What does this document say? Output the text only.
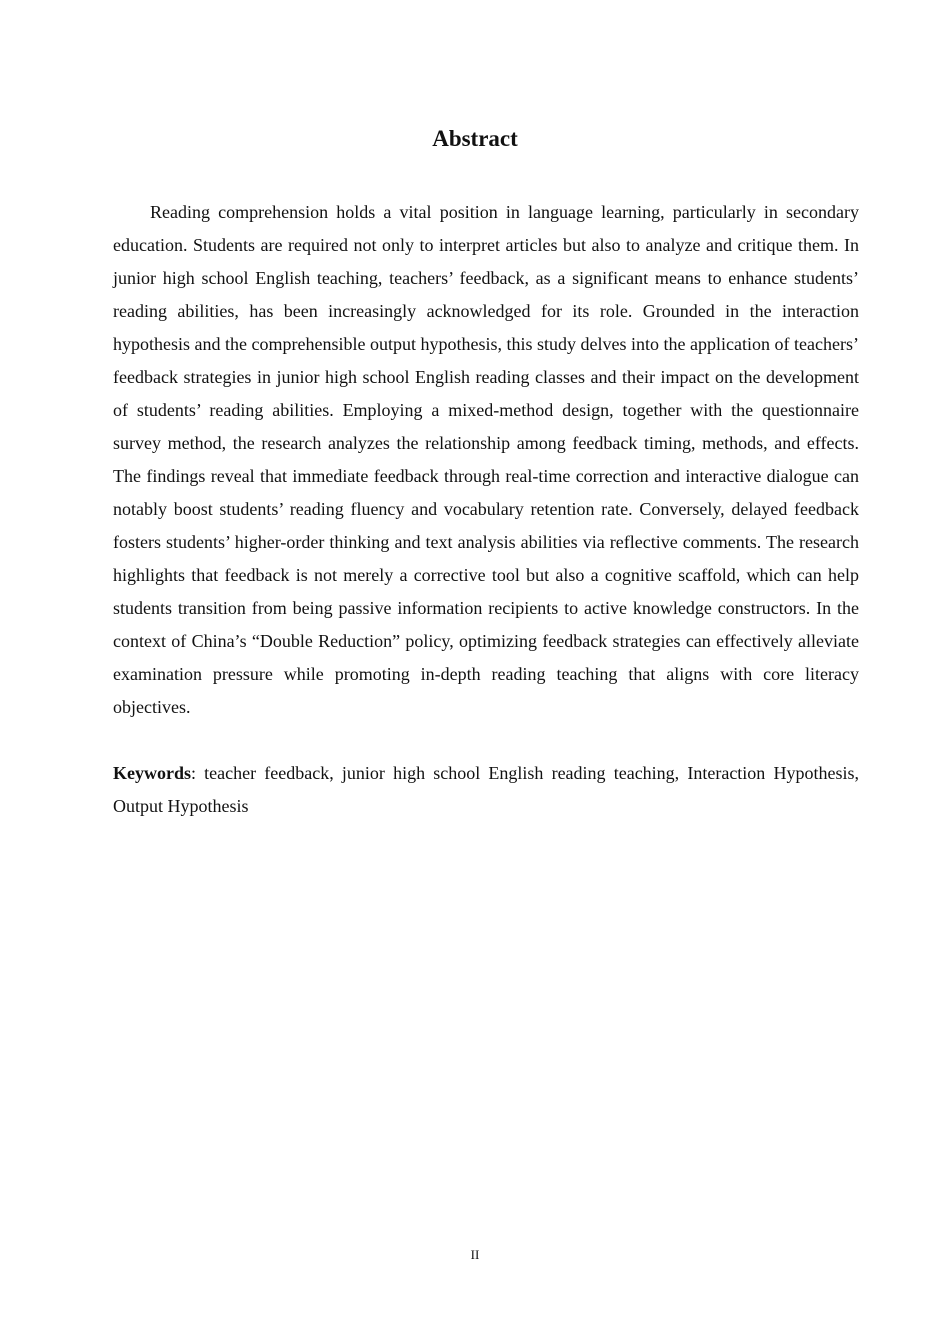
Abstract

Reading comprehension holds a vital position in language learning, particularly in secondary education. Students are required not only to interpret articles but also to analyze and critique them. In junior high school English teaching, teachers’ feedback, as a significant means to enhance students’ reading abilities, has been increasingly acknowledged for its role. Grounded in the interaction hypothesis and the comprehensible output hypothesis, this study delves into the application of teachers’ feedback strategies in junior high school English reading classes and their impact on the development of students’ reading abilities. Employing a mixed-method design, together with the questionnaire survey method, the research analyzes the relationship among feedback timing, methods, and effects. The findings reveal that immediate feedback through real-time correction and interactive dialogue can notably boost students’ reading fluency and vocabulary retention rate. Conversely, delayed feedback fosters students’ higher-order thinking and text analysis abilities via reflective comments. The research highlights that feedback is not merely a corrective tool but also a cognitive scaffold, which can help students transition from being passive information recipients to active knowledge constructors. In the context of China’s “Double Reduction” policy, optimizing feedback strategies can effectively alleviate examination pressure while promoting in-depth reading teaching that aligns with core literacy objectives.

Keywords: teacher feedback, junior high school English reading teaching, Interaction Hypothesis, Output Hypothesis

II
